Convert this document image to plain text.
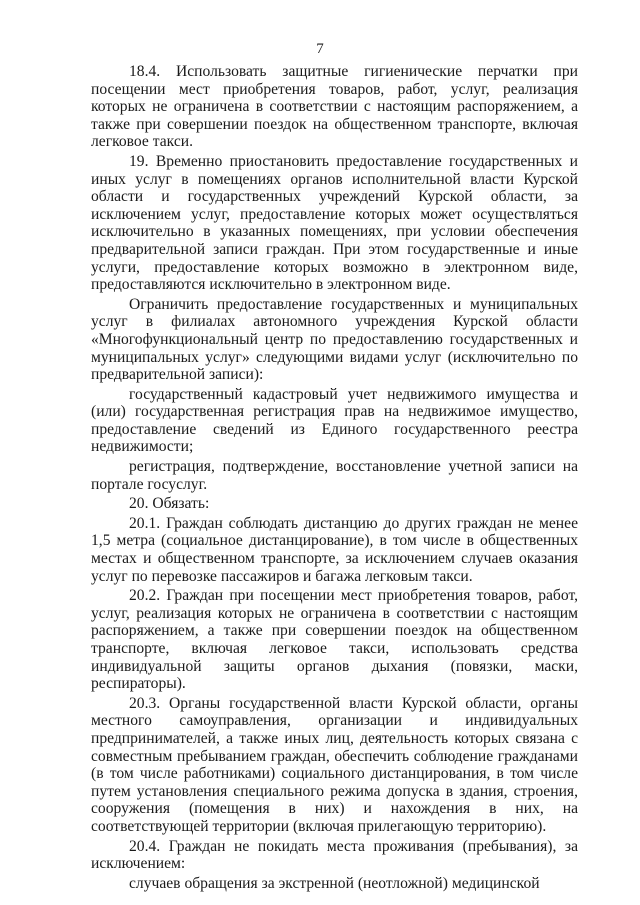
7

18.4. Использовать защитные гигиенические перчатки при посещении мест приобретения товаров, работ, услуг, реализация которых не ограничена в соответствии с настоящим распоряжением, а также при совершении поездок на общественном транспорте, включая легковое такси.

19. Временно приостановить предоставление государственных и иных услуг в помещениях органов исполнительной власти Курской области и государственных учреждений Курской области, за исключением услуг, предоставление которых может осуществляться исключительно в указанных помещениях, при условии обеспечения предварительной записи граждан. При этом государственные и иные услуги, предоставление которых возможно в электронном виде, предоставляются исключительно в электронном виде.

Ограничить предоставление государственных и муниципальных услуг в филиалах автономного учреждения Курской области «Многофункциональный центр по предоставлению государственных и муниципальных услуг» следующими видами услуг (исключительно по предварительной записи):

государственный кадастровый учет недвижимого имущества и (или) государственная регистрация прав на недвижимое имущество, предоставление сведений из Единого государственного реестра недвижимости;

регистрация, подтверждение, восстановление учетной записи на портале госуслуг.

20. Обязать:

20.1. Граждан соблюдать дистанцию до других граждан не менее 1,5 метра (социальное дистанцирование), в том числе в общественных местах и общественном транспорте, за исключением случаев оказания услуг по перевозке пассажиров и багажа легковым такси.

20.2. Граждан при посещении мест приобретения товаров, работ, услуг, реализация которых не ограничена в соответствии с настоящим распоряжением, а также при совершении поездок на общественном транспорте, включая легковое такси, использовать средства индивидуальной защиты органов дыхания (повязки, маски, респираторы).

20.3. Органы государственной власти Курской области, органы местного самоуправления, организации и индивидуальных предпринимателей, а также иных лиц, деятельность которых связана с совместным пребыванием граждан, обеспечить соблюдение гражданами (в том числе работниками) социального дистанцирования, в том числе путем установления специального режима допуска в здания, строения, сооружения (помещения в них) и нахождения в них, на соответствующей территории (включая прилегающую территорию).

20.4. Граждан не покидать места проживания (пребывания), за исключением:

случаев обращения за экстренной (неотложной) медицинской
